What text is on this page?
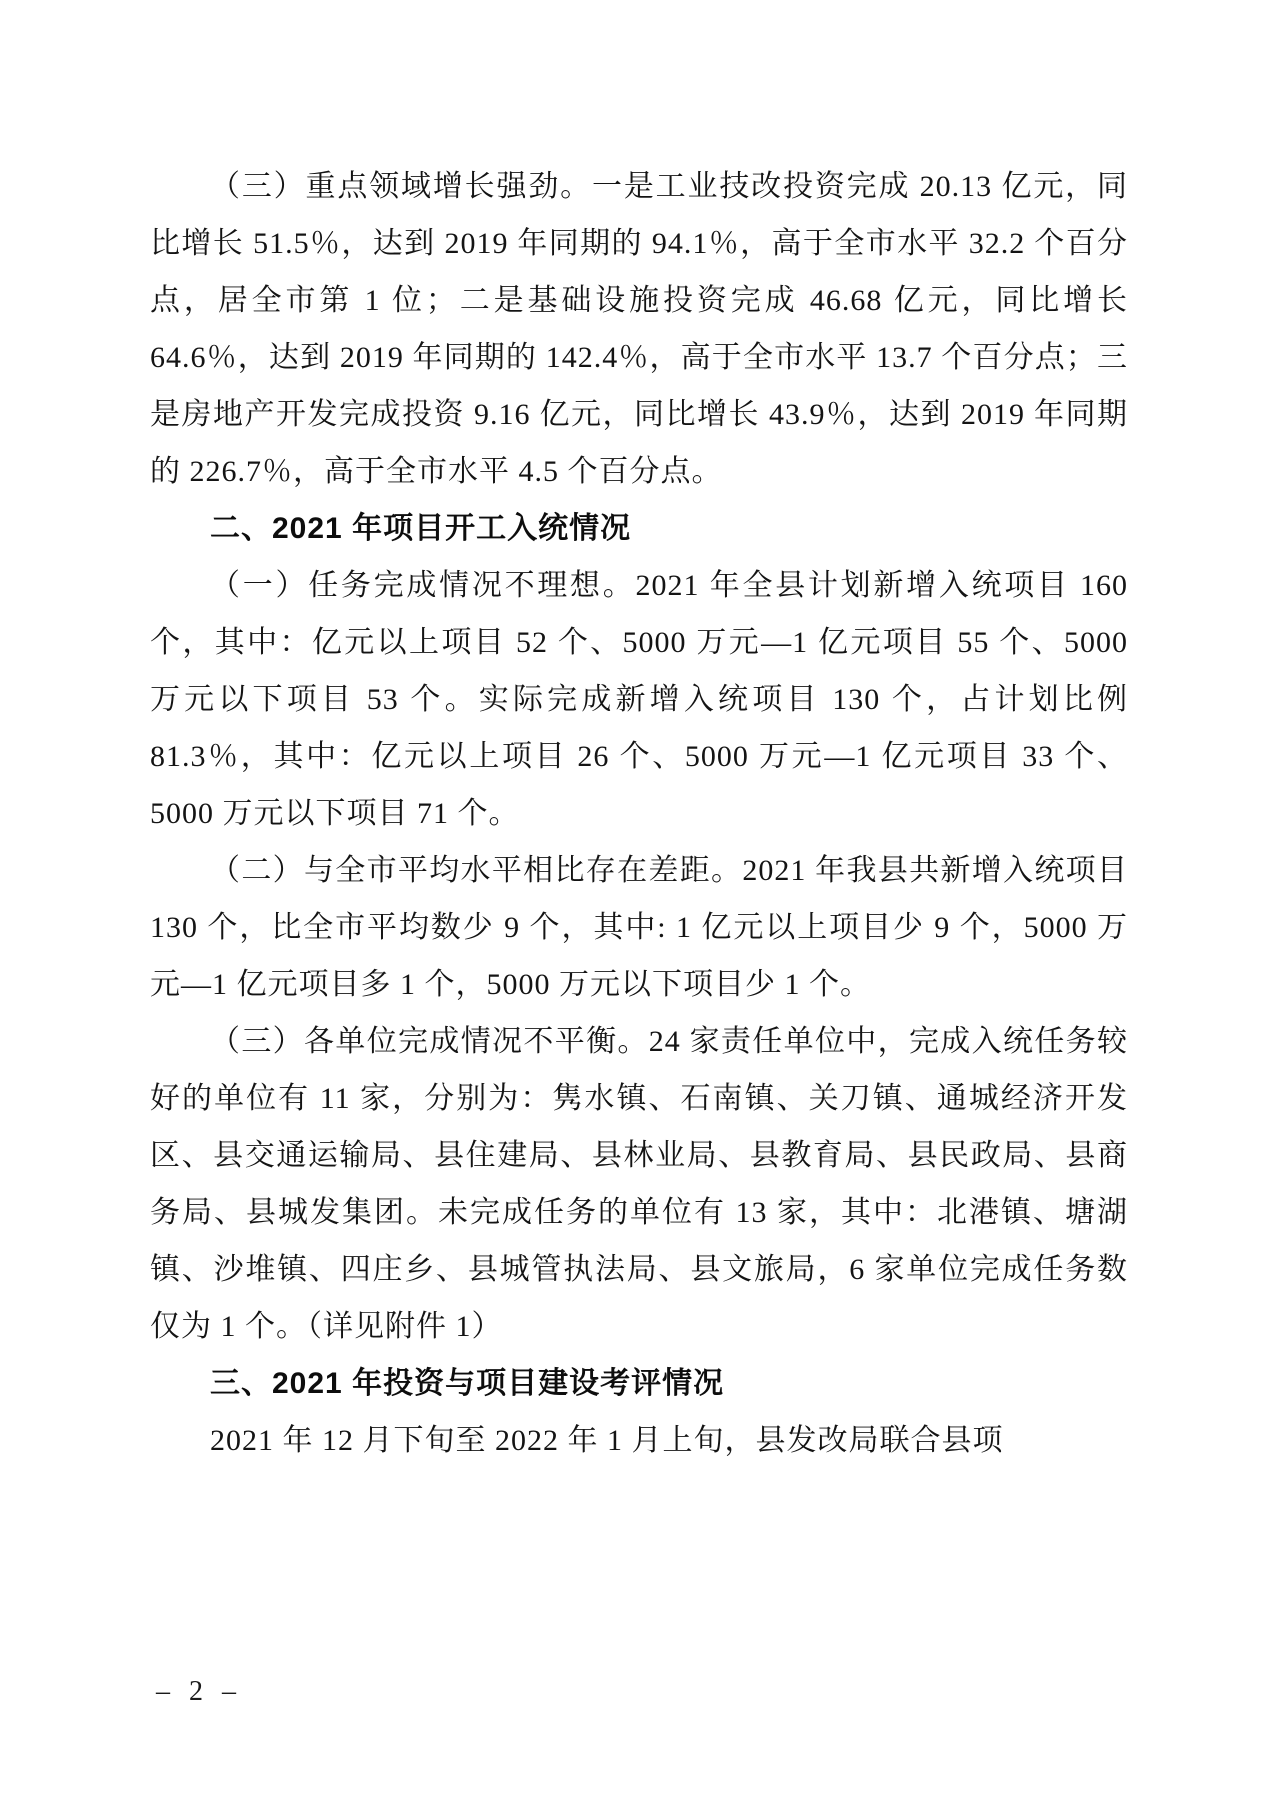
（三）重点领域增长强劲。一是工业技改投资完成 20.13 亿元，同比增长 51.5％，达到 2019 年同期的 94.1％，高于全市水平 32.2 个百分点，居全市第 1 位；二是基础设施投资完成 46.68 亿元，同比增长 64.6％，达到 2019 年同期的 142.4％，高于全市水平 13.7 个百分点；三是房地产开发完成投资 9.16 亿元，同比增长 43.9％，达到 2019 年同期的 226.7％，高于全市水平 4.5 个百分点。

二、2021 年项目开工入统情况

（一）任务完成情况不理想。2021 年全县计划新增入统项目 160 个，其中：亿元以上项目 52 个、5000 万元—1 亿元项目 55 个、5000 万元以下项目 53 个。实际完成新增入统项目 130 个，占计划比例 81.3％，其中：亿元以上项目 26 个、5000 万元—1 亿元项目 33 个、5000 万元以下项目 71 个。

（二）与全市平均水平相比存在差距。2021 年我县共新增入统项目 130 个，比全市平均数少 9 个，其中: 1 亿元以上项目少 9 个，5000 万元—1 亿元项目多 1 个，5000 万元以下项目少 1 个。

（三）各单位完成情况不平衡。24 家责任单位中，完成入统任务较好的单位有 11 家，分别为：隽水镇、石南镇、关刀镇、通城经济开发区、县交通运输局、县住建局、县林业局、县教育局、县民政局、县商务局、县城发集团。未完成任务的单位有 13 家，其中：北港镇、塘湖镇、沙堆镇、四庄乡、县城管执法局、县文旅局，6 家单位完成任务数仅为 1 个。（详见附件 1）

三、2021 年投资与项目建设考评情况

2021 年 12 月下旬至 2022 年 1 月上旬，县发改局联合县项

– 2 –
